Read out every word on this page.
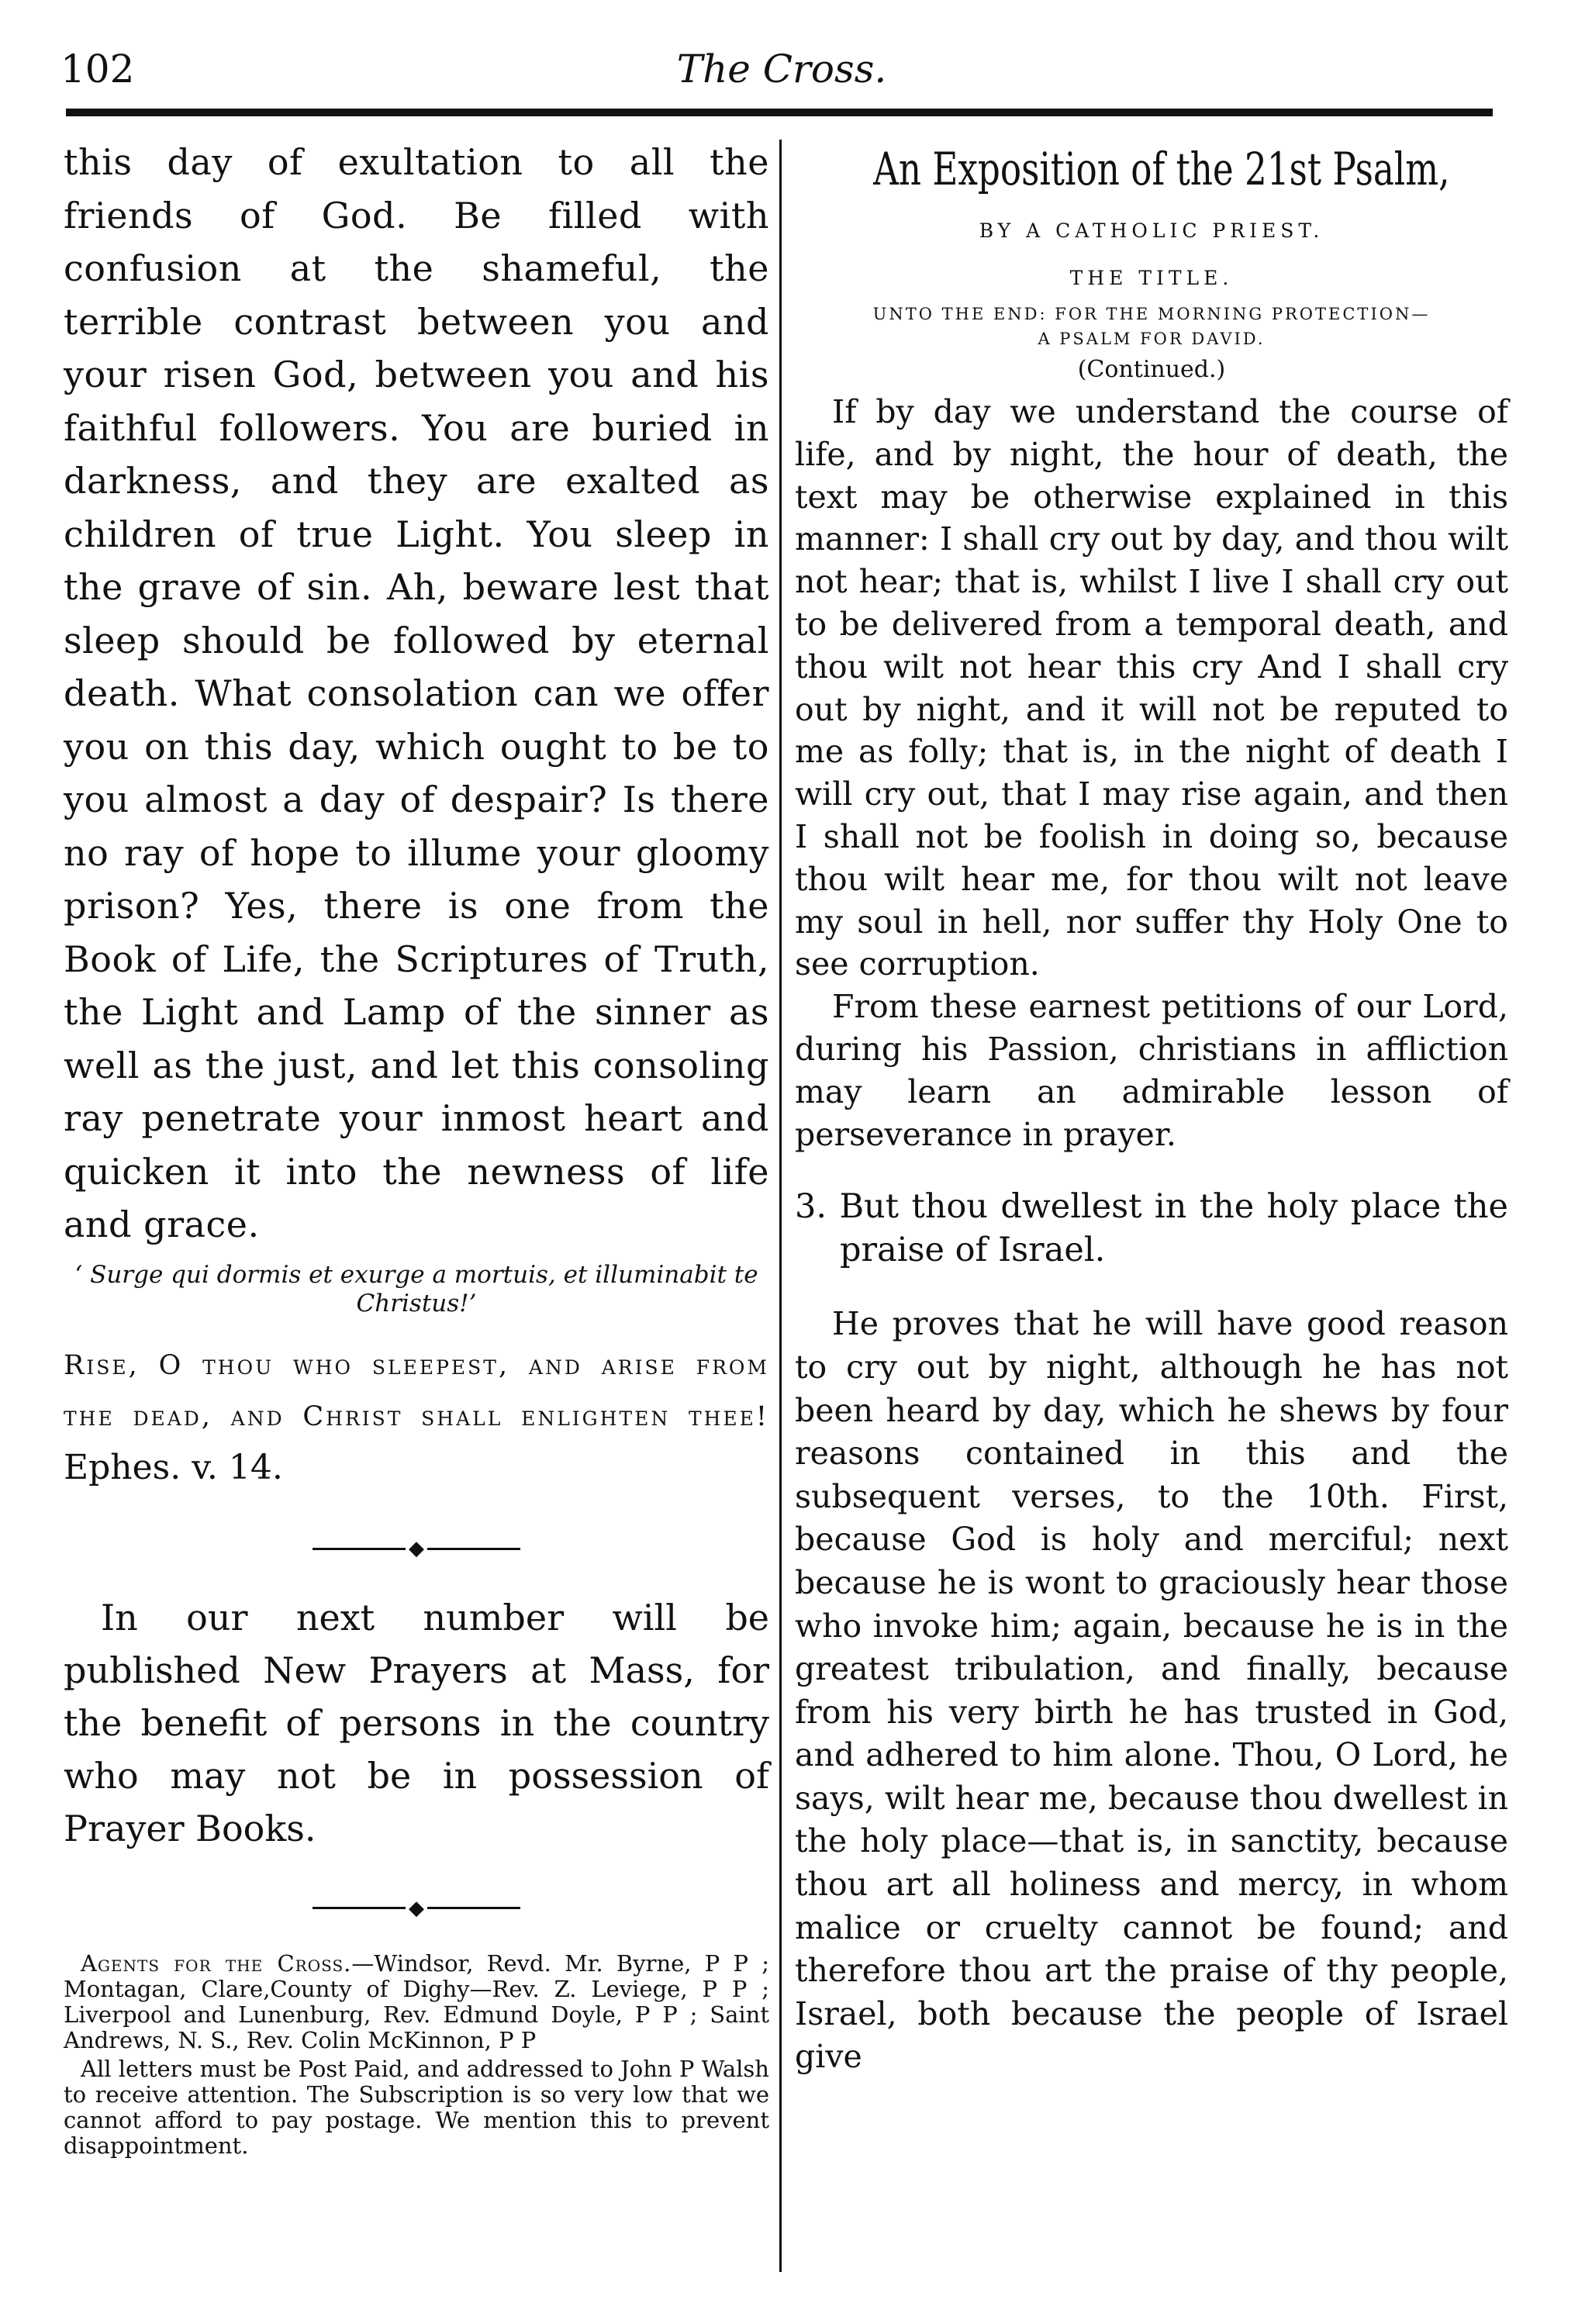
102	The Cross.

this day of exultation to all the friends of God. Be filled with confusion at the shameful, the terrible contrast between you and your risen God, between you and his faithful followers. You are buried in darkness, and they are exalted as children of true Light. You sleep in the grave of sin. Ah, beware lest that sleep should be followed by eternal death. What consolation can we offer you on this day, which ought to be to you almost a day of despair? Is there no ray of hope to illume your gloomy prison? Yes, there is one from the Book of Life, the Scriptures of Truth, the Light and Lamp of the sinner as well as the just, and let this consoling ray penetrate your inmost heart and quicken it into the newness of life and grace.

‘ Surge qui dormis et exurge a mortuis, et illuminabit te Christus!’

Rise, O thou who sleepest, and arise from the dead, and Christ shall enlighten thee! Ephes. v. 14.

◆

In our next number will be published New Prayers at Mass, for the benefit of persons in the country who may not be in possession of Prayer Books.

◆

Agents for the Cross.—Windsor, Revd. Mr. Byrne, P P ; Montagan, Clare,County of Dighy—Rev. Z. Leviege, P P ; Liverpool and Lunenburg, Rev. Edmund Doyle, P P ; Saint Andrews, N. S., Rev. Colin McKinnon, P P

All letters must be Post Paid, and addressed to John P Walsh to receive attention. The Subscription is so very low that we cannot afford to pay postage. We mention this to prevent disappointment.

An Exposition of the 21st Psalm,
BY A CATHOLIC PRIEST.
THE TITLE.
UNTO THE END: FOR THE MORNING PROTECTION—
A PSALM FOR DAVID.
(Continued.)

If by day we understand the course of life, and by night, the hour of death, the text may be otherwise explained in this manner: I shall cry out by day, and thou wilt not hear; that is, whilst I live I shall cry out to be delivered from a temporal death, and thou wilt not hear this cry And I shall cry out by night, and it will not be reputed to me as folly; that is, in the night of death I will cry out, that I may rise again, and then I shall not be foolish in doing so, because thou wilt hear me, for thou wilt not leave my soul in hell, nor suffer thy Holy One to see corruption.

From these earnest petitions of our Lord, during his Passion, christians in affliction may learn an admirable lesson of perseverance in prayer.

3. But thou dwellest in the holy place the praise of Israel.

He proves that he will have good reason to cry out by night, although he has not been heard by day, which he shews by four reasons contained in this and the subsequent verses, to the 10th. First, because God is holy and merciful; next because he is wont to graciously hear those who invoke him; again, because he is in the greatest tribulation, and finally, because from his very birth he has trusted in God, and adhered to him alone. Thou, O Lord, he says, wilt hear me, because thou dwellest in the holy place—that is, in sanctity, because thou art all holiness and mercy, in whom malice or cruelty cannot be found; and therefore thou art the praise of thy people, Israel, both because the people of Israel give
